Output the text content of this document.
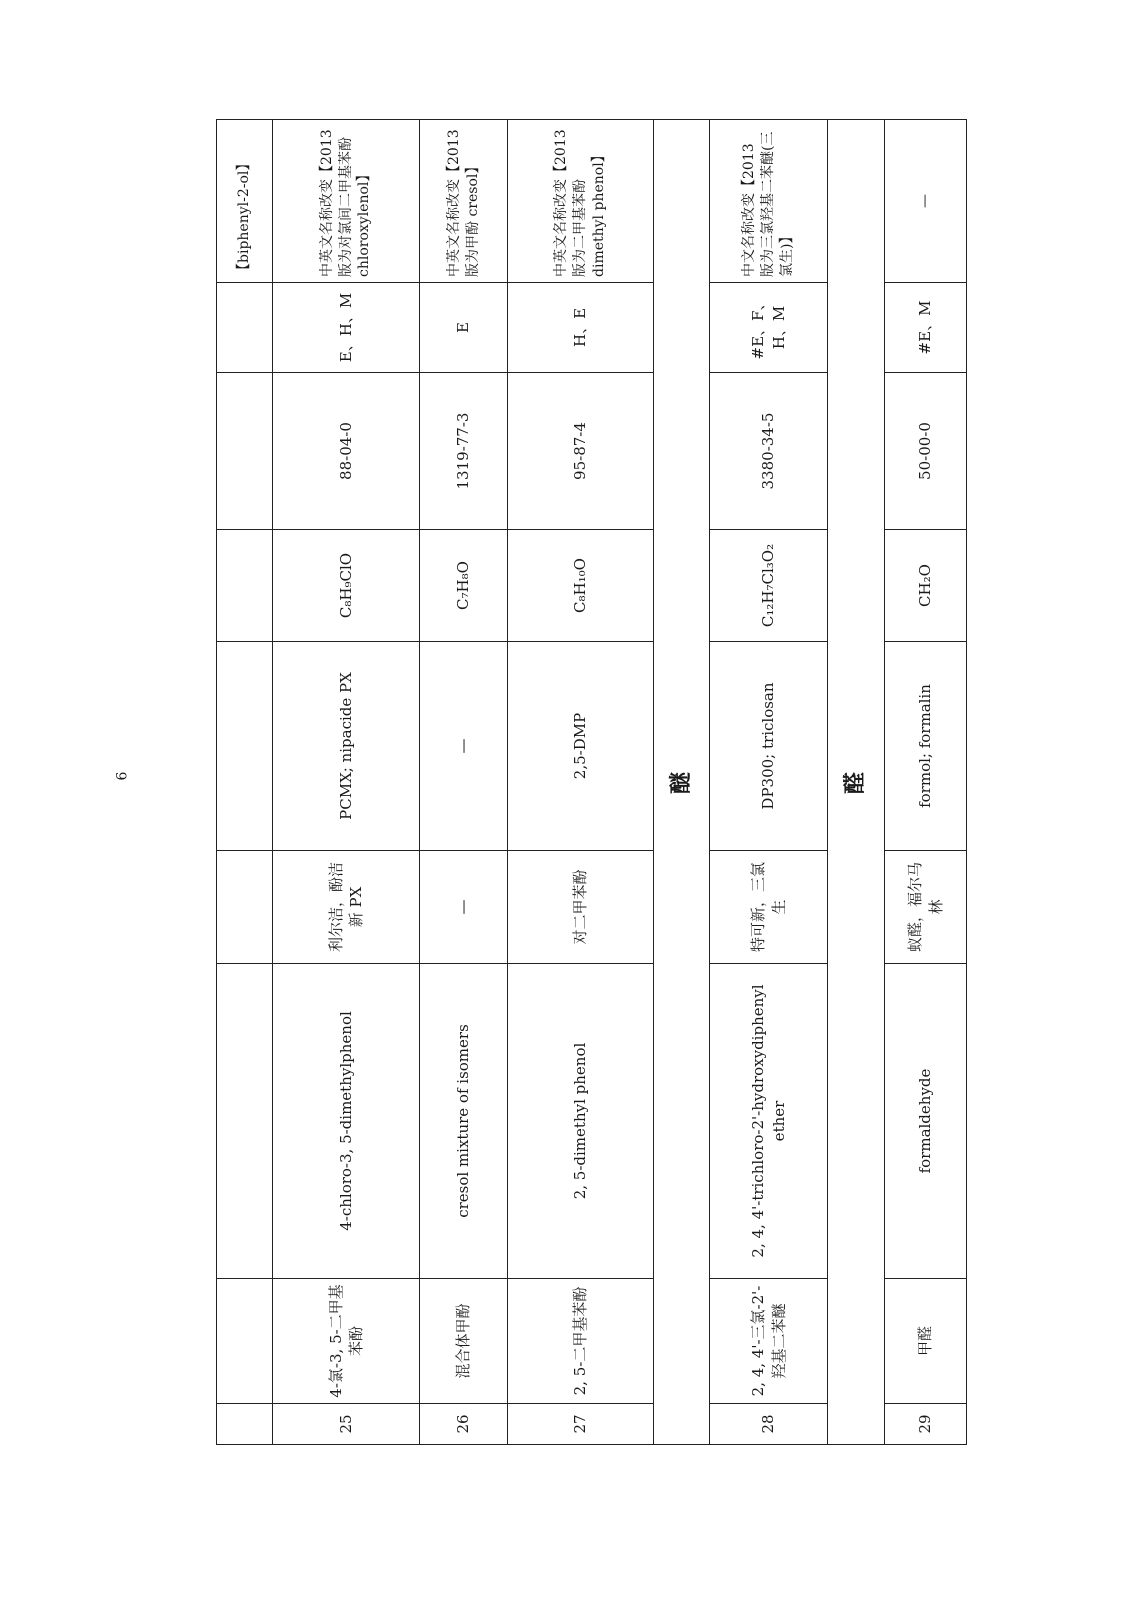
								【biphenyl-2-ol】
25	4-氯-3, 5-二甲基苯酚	4-chloro-3, 5-dimethylphenol	利尔洁，酚洁新 PX	PCMX; nipacide PX	C₈H₉ClO	88-04-0	E、H、M	中英文名称改变【2013 版为对氯间二甲基苯酚 chloroxylenol】
26	混合体甲酚	cresol mixture of isomers	—	—	C₇H₈O	1319-77-3	E	中英文名称改变【2013 版为甲酚 cresol】
27	2, 5-二甲基苯酚	2, 5-dimethyl phenol	对二甲苯酚	2,5-DMP	C₈H₁₀O	95-87-4	H、E	中英文名称改变【2013 版为二甲基苯酚 dimethyl phenol】
醚								
28	2, 4, 4'-三氯-2'-羟基二苯醚	2, 4, 4'-trichloro-2'-hydroxydiphenyl ether	特可新，三氯生	DP300; triclosan	C₁₂H₇Cl₃O₂	3380-34-5	#E、F、H、M	中文名称改变【2013 版为三氯羟基二苯醚(三氯生)】
醛								
29	甲醛	formaldehyde	蚁醛，福尔马林	formol; formalin	CH₂O	50-00-0	#E、M	—
6
